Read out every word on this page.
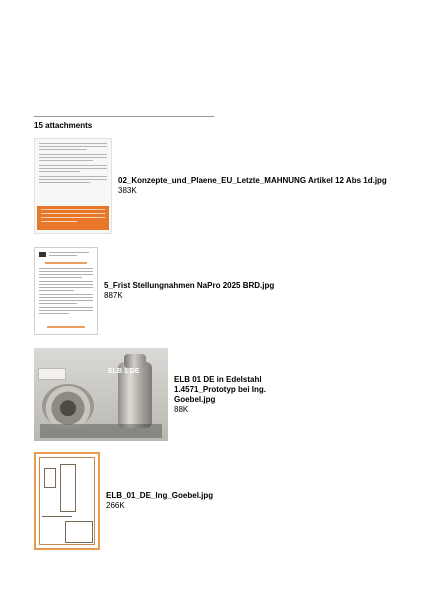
15 attachments
02_Konzepte_und_Plaene_EU_Letzte_MAHNUNG Artikel 12 Abs 1d.jpg
383K
5_Frist Stellungnahmen NaPro 2025 BRD.jpg
887K
ELB 1 DE
ELB 01 DE in Edelstahl 1.4571_Prototyp bei Ing. Goebel.jpg
88K
ELB_01_DE_Ing_Goebel.jpg
266K
